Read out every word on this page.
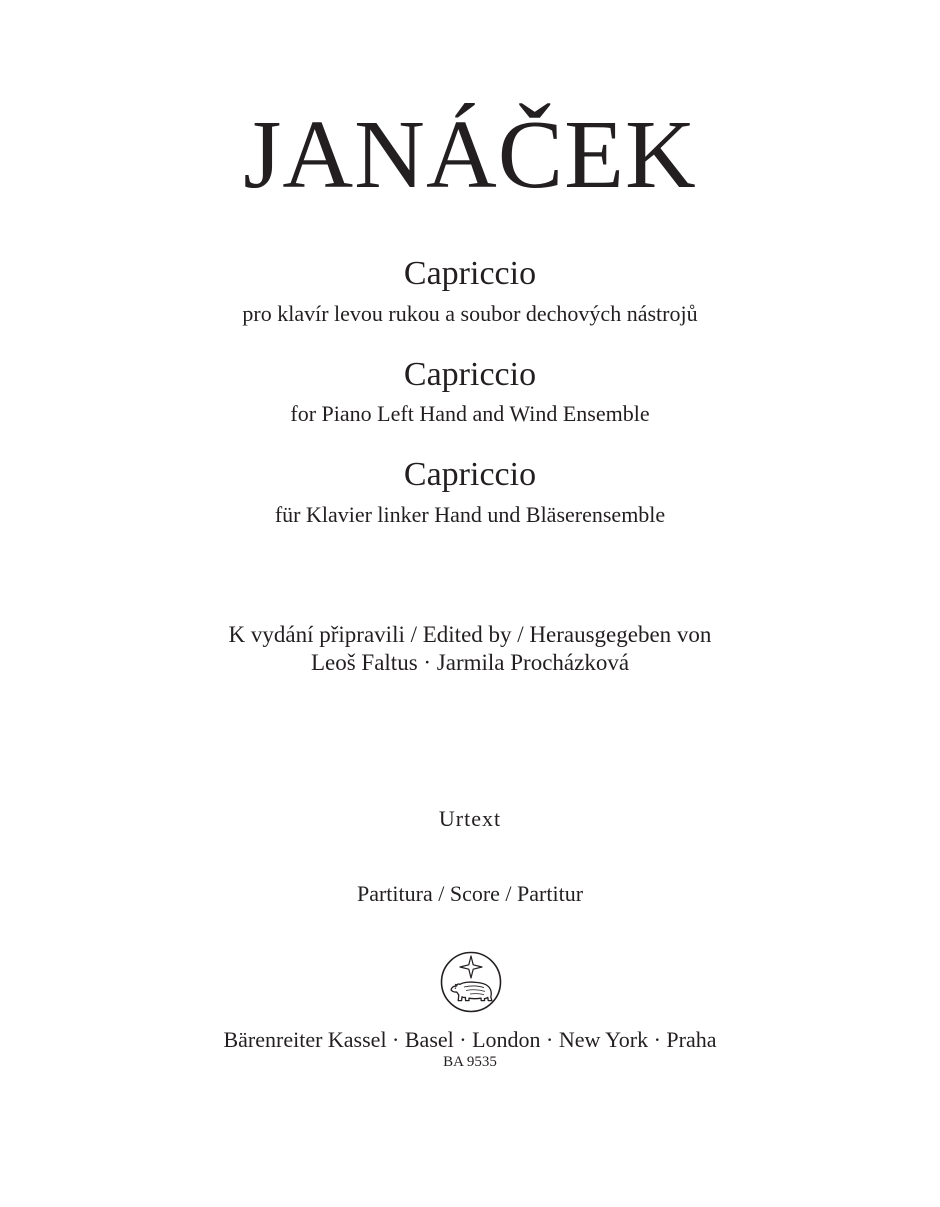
JANÁČEK
Capriccio
pro klavír levou rukou a soubor dechových nástrojů
Capriccio
for Piano Left Hand and Wind Ensemble
Capriccio
für Klavier linker Hand und Bläserensemble
K vydání připravili / Edited by / Herausgegeben von
Leoš Faltus · Jarmila Procházková
Urtext
Partitura / Score / Partitur
Bärenreiter Kassel · Basel · London · New York · Praha
BA 9535
